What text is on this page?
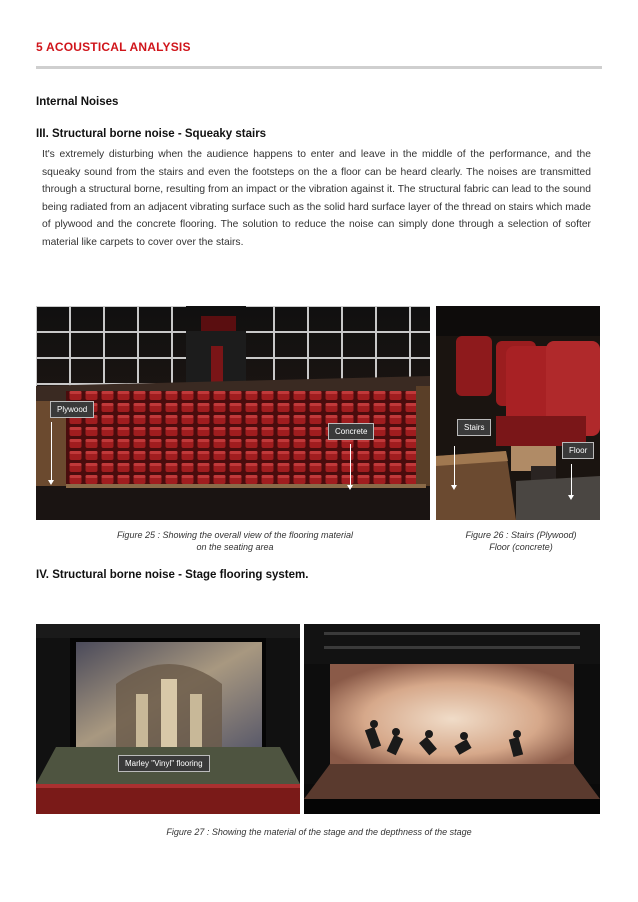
5 ACOUSTICAL ANALYSIS
Internal Noises
III. Structural borne noise - Squeaky stairs
It's extremely disturbing when the audience happens to enter and leave in the middle of the performance, and the squeaky sound from the stairs and even the footsteps on the a floor can be heard clearly. The noises are transmitted through a structural borne, resulting from an impact or the vibration against it. The structural fabric can lead to the sound being radiated from an adjacent vibrating surface such as the solid hard surface layer of the thread on stairs which made of plywood and the concrete flooring. The solution to reduce the noise can simply done through a selection of softer material like carpets to cover over the stairs.
Plywood
Concrete	Stairs
Floor
Figure 25 : Showing the overall view of the flooring material
on the seating area
Figure 26 : Stairs (Plywood)
Floor (concrete)
IV. Structural borne noise - Stage flooring system.
Marley "Vinyl" flooring
Figure 27 : Showing the material of the stage and the depthness of the stage
